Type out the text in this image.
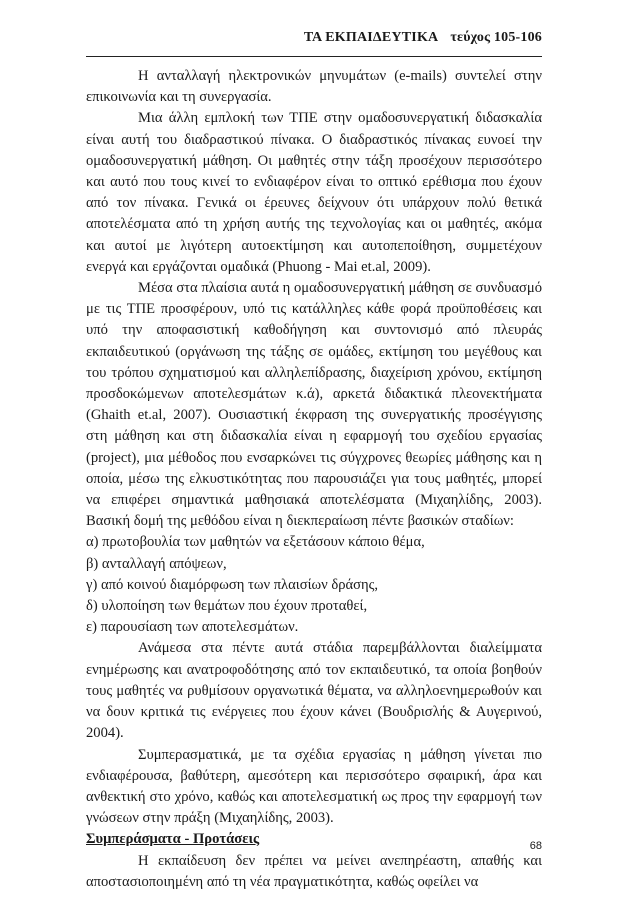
ΤΑ ΕΚΠΑΙΔΕΥΤΙΚΑ τεύχος 105-106

Η ανταλλαγή ηλεκτρονικών μηνυμάτων (e-mails) συντελεί στην επικοινωνία και τη συνεργασία.

Μια άλλη εμπλοκή των ΤΠΕ στην ομαδοσυνεργατική διδασκαλία είναι αυτή του διαδραστικού πίνακα. Ο διαδραστικός πίνακας ευνοεί την ομαδοσυνεργατική μάθηση. Οι μαθητές στην τάξη προσέχουν περισσότερο και αυτό που τους κινεί το ενδιαφέρον είναι το οπτικό ερέθισμα που έχουν από τον πίνακα. Γενικά οι έρευνες δείχνουν ότι υπάρχουν πολύ θετικά αποτελέσματα από τη χρήση αυτής της τεχνολογίας και οι μαθητές, ακόμα και αυτοί με λιγότερη αυτοεκτίμηση και αυτοπεποίθηση, συμμετέχουν ενεργά και εργάζονται ομαδικά (Phuong - Mai et.al, 2009).

Μέσα στα πλαίσια αυτά η ομαδοσυνεργατική μάθηση σε συνδυασμό με τις ΤΠΕ προσφέρουν, υπό τις κατάλληλες κάθε φορά προϋποθέσεις και υπό την αποφασιστική καθοδήγηση και συντονισμό από πλευράς εκπαιδευτικού (οργάνωση της τάξης σε ομάδες, εκτίμηση του μεγέθους και του τρόπου σχηματισμού και αλληλεπίδρασης, διαχείριση χρόνου, εκτίμηση προσδοκώμενων αποτελεσμάτων κ.ά), αρκετά διδακτικά πλεονεκτήματα (Ghaith et.al, 2007). Ουσιαστική έκφραση της συνεργατικής προσέγγισης στη μάθηση και στη διδασκαλία είναι η εφαρμογή του σχεδίου εργασίας (project), μια μέθοδος που ενσαρκώνει τις σύγχρονες θεωρίες μάθησης και η οποία, μέσω της ελκυστικότητας που παρουσιάζει για τους μαθητές, μπορεί να επιφέρει σημαντικά μαθησιακά αποτελέσματα (Μιχαηλίδης, 2003). Βασική δομή της μεθόδου είναι η διεκπεραίωση πέντε βασικών σταδίων:

α) πρωτοβουλία των μαθητών να εξετάσουν κάποιο θέμα,

β) ανταλλαγή απόψεων,

γ) από κοινού διαμόρφωση των πλαισίων δράσης,

δ) υλοποίηση των θεμάτων που έχουν προταθεί,

ε) παρουσίαση των αποτελεσμάτων.

Ανάμεσα στα πέντε αυτά στάδια παρεμβάλλονται διαλείμματα ενημέρωσης και ανατροφοδότησης από τον εκπαιδευτικό, τα οποία βοηθούν τους μαθητές να ρυθμίσουν οργανωτικά θέματα, να αλληλοενημερωθούν και να δουν κριτικά τις ενέργειες που έχουν κάνει (Βουδρισλής & Αυγερινού, 2004).

Συμπερασματικά, με τα σχέδια εργασίας η μάθηση γίνεται πιο ενδιαφέρουσα, βαθύτερη, αμεσότερη και περισσότερο σφαιρική, άρα και ανθεκτική στο χρόνο, καθώς και αποτελεσματική ως προς την εφαρμογή των γνώσεων στην πράξη (Μιχαηλίδης, 2003).

Συμπεράσματα - Προτάσεις

Η εκπαίδευση δεν πρέπει να μείνει ανεπηρέαστη, απαθής και αποστασιοποιημένη από τη νέα πραγματικότητα, καθώς οφείλει να

68
